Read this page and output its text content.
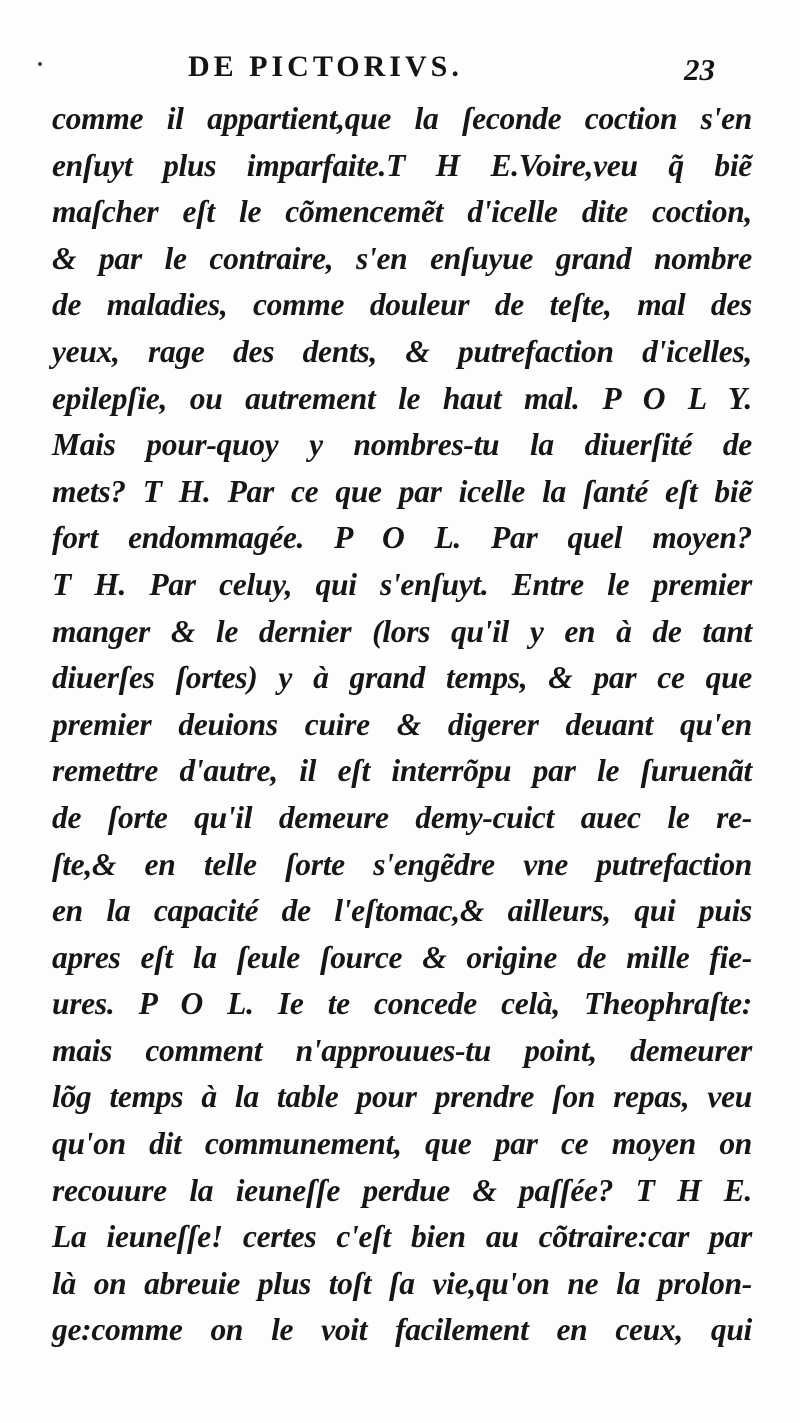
DE PICTORIVS.	23
comme il appartient,que la ſeconde coction s'en
enſuyt plus imparfaite.T H E.Voire,veu q̃ biẽ
maſcher eſt le cõmencemẽt d'icelle dite coction,
& par le contraire, s'en enſuyue grand nombre
de maladies, comme douleur de teſte, mal des
yeux, rage des dents, & putrefaction d'icelles,
epilepſie, ou autrement le haut mal. P O L Y.
Mais pour-quoy y nombres-tu la diuerſité de
mets? T H. Par ce que par icelle la ſanté eſt biẽ
fort endommagée. P O L. Par quel moyen?
T H. Par celuy, qui s'enſuyt. Entre le premier
manger & le dernier (lors qu'il y en à de tant
diuerſes ſortes) y à grand temps, & par ce que
premier deuions cuire & digerer deuant qu'en
remettre d'autre, il eſt interrõpu par le ſuruenãt
de ſorte qu'il demeure demy-cuict auec le re-
ſte,& en telle ſorte s'engẽdre vne putrefaction
en la capacité de l'eſtomac,& ailleurs, qui puis
apres eſt la ſeule ſource & origine de mille fie-
ures. P O L. Ie te concede celà, Theophraſte:
mais comment n'approuues-tu point, demeurer
lõg temps à la table pour prendre ſon repas, veu
qu'on dit communement, que par ce moyen on
recouure la ieuneſſe perdue & paſſée? T H E.
La ieuneſſe! certes c'eſt bien au cõtraire:car par
là on abreuie plus toſt ſa vie,qu'on ne la prolon-
ge:comme on le voit facilement en ceux, qui
